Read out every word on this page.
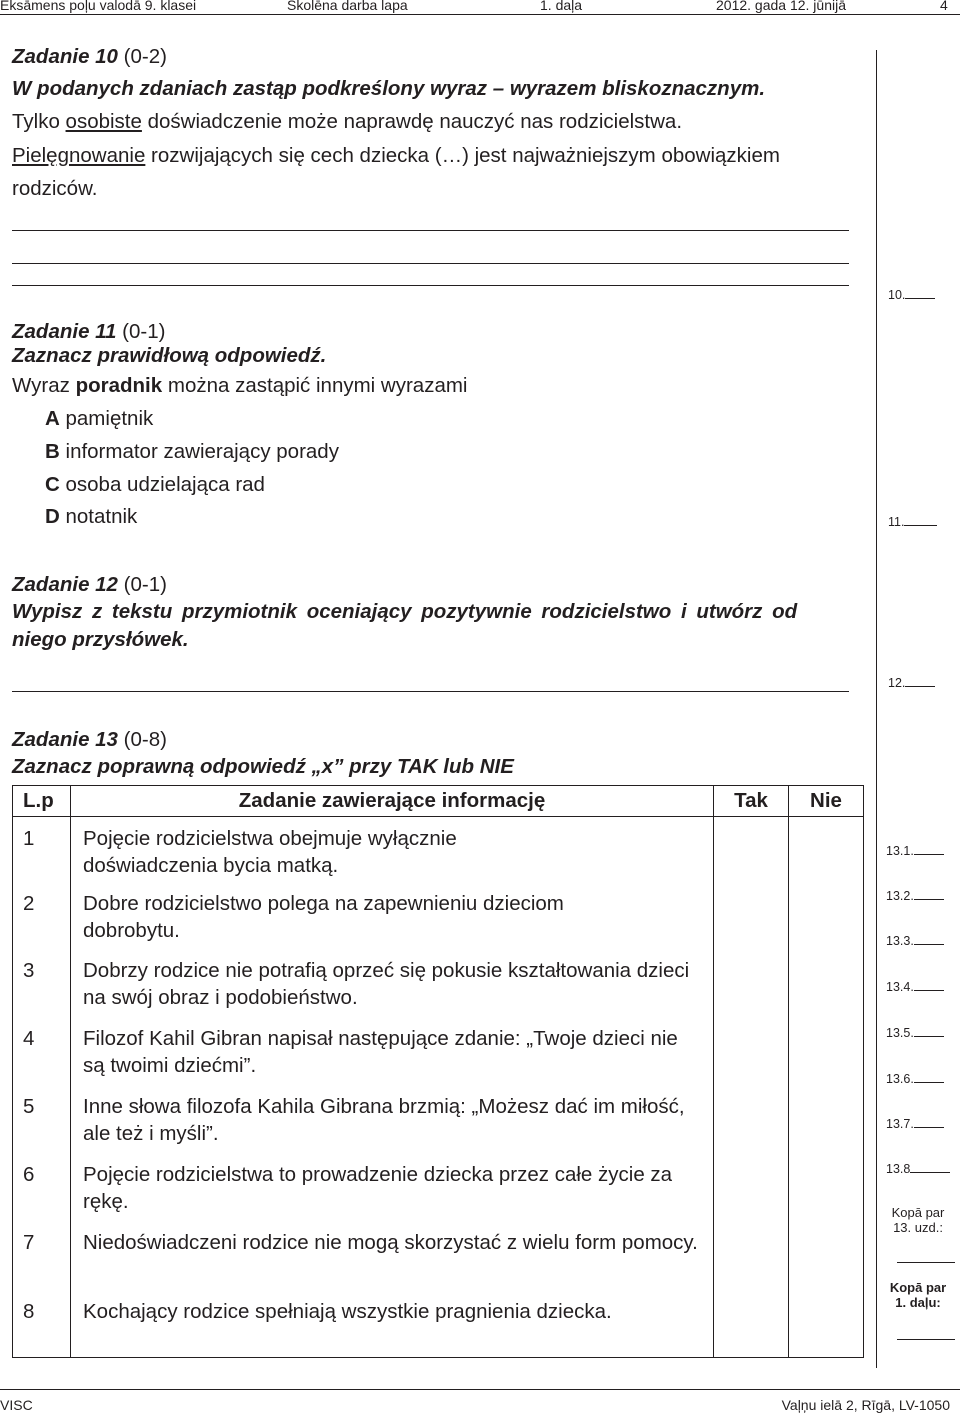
Eksāmens poļu valodā 9. klasei	Skolēna darba lapa	1. daļa	2012. gada 12. jūnijā	4
Zadanie 10 (0-2)
W podanych zdaniach zastąp podkreślony wyraz – wyrazem bliskoznacznym.
Tylko osobiste doświadczenie może naprawdę nauczyć nas rodzicielstwa.
Pielęgnowanie rozwijających się cech dziecka (…) jest najważniejszym obowiązkiem
rodziców.
Zadanie 11 (0-1)
Zaznacz prawidłową odpowiedź.
Wyraz poradnik można zastąpić innymi wyrazami
A pamiętnik
B informator zawierający porady
C osoba udzielająca rad
D notatnik
Zadanie 12 (0-1)
Wypisz z tekstu przymiotnik oceniający pozytywnie rodzicielstwo i utwórz od
niego przysłówek.
Zadanie 13 (0-8)
Zaznacz poprawną odpowiedź „x” przy TAK lub NIE
L.p	Zadanie zawierające informację	Tak	Nie
1	Pojęcie rodzicielstwa obejmuje wyłącznie
doświadczenia bycia matką.		

2	Dobre rodzicielstwo polega na zapewnieniu dzieciom
dobrobytu.		

3	Dobrzy rodzice nie potrafią oprzeć się pokusie kształtowania dzieci
na swój obraz i podobieństwo.		

4	Filozof Kahil Gibran napisał następujące zdanie: „Twoje dzieci nie
są twoimi dziećmi”.		

5	Inne słowa filozofa Kahila Gibrana brzmią: „Możesz dać im miłość,
ale też i myśli”.		

6	Pojęcie rodzicielstwa to prowadzenie dziecka przez całe życie za
rękę.		

7	Niedoświadczeni rodzice nie mogą skorzystać z wielu form pomocy.		

8	Kochający rodzice spełniają wszystkie pragnienia dziecka.		

10.
11.
12.
13.1.
13.2.
13.3.
13.4.
13.5.
13.6.
13.7.
13.8
Kopā par
13. uzd.:
Kopā par
1. daļu:
VISC	Vaļņu ielā 2, Rīgā, LV-1050
